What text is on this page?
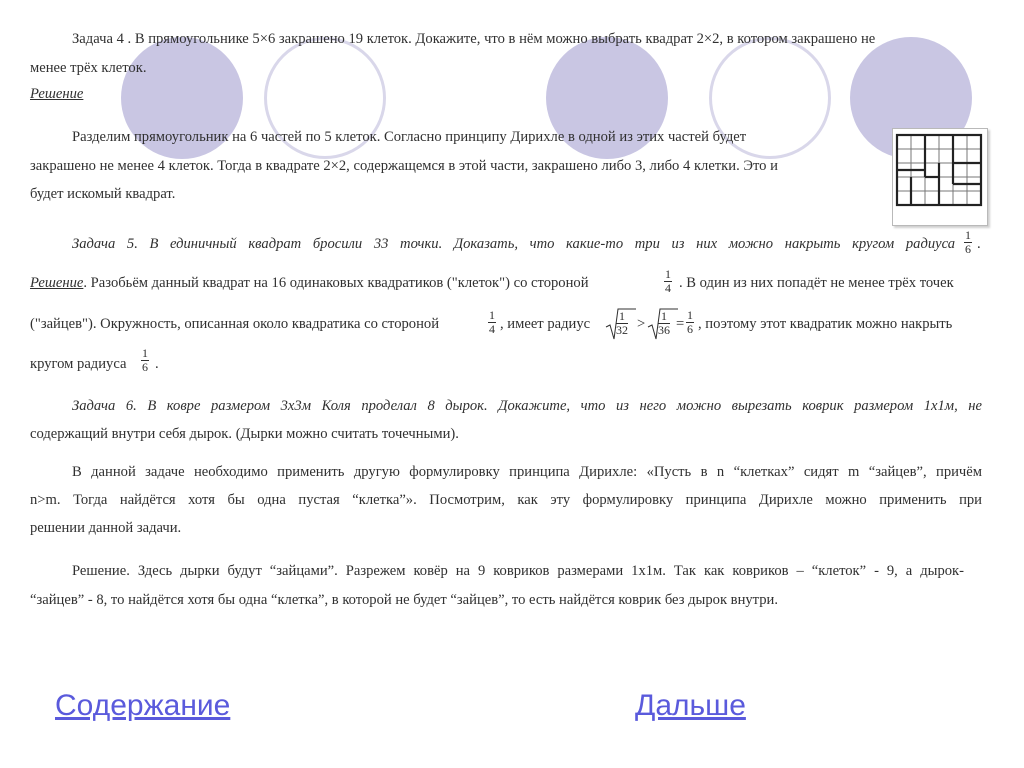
Задача 4 . В прямоугольнике 5×6 закрашено 19 клеток. Докажите, что в нём можно выбрать квадрат 2×2, в котором закрашено не
менее трёх клеток.
Решение
Разделим прямоугольник на 6 частей по 5 клеток. Согласно принципу Дирихле в одной из этих частей будет
закрашено не менее 4 клеток. Тогда в квадрате 2×2, содержащемся в этой части, закрашено либо 3, либо 4 клетки. Это и
будет искомый квадрат.
Задача 5. В единичный квадрат бросили 33 точки. Доказать, что какие-то три из них можно накрыть кругом радиуса $\frac{1}{6}$ .
Решение. Разобьём данный квадрат на 16 одинаковых квадратиков ("клеток") со стороной	$\frac{1}{4}$ . В один из них попадёт не менее трёх точек
("зайцев"). Окружность, описанная около квадратика со стороной	$\frac{1}{4}$ , имеет радиус $\frac{1}{32} > \frac{1}{36} = \frac{1}{6}$ , поэтому этот квадратик можно накрыть
кругом радиуса $\frac{1}{6}$ .
Задача 6. В ковре размером 3х3м Коля проделал 8 дырок. Докажите, что из него можно вырезать коврик размером 1х1м, не
содержащий внутри себя дырок. (Дырки можно считать точечными).
В данной задаче необходимо применить другую формулировку принципа Дирихле: «Пусть в n “клетках” сидят m “зайцев”, причём
n>m. Тогда найдётся хотя бы одна пустая “клетка”». Посмотрим, как эту формулировку принципа Дирихле можно применить при
решении данной задачи.
Решение. Здесь дырки будут “зайцами”. Разрежем ковёр на 9 ковриков размерами 1х1м. Так как ковриков – “клеток” - 9, а дырок-
“зайцев” - 8, то найдётся хотя бы одна “клетка”, в которой не будет “зайцев”, то есть найдётся коврик без дырок внутри.
Содержание	Дальше
